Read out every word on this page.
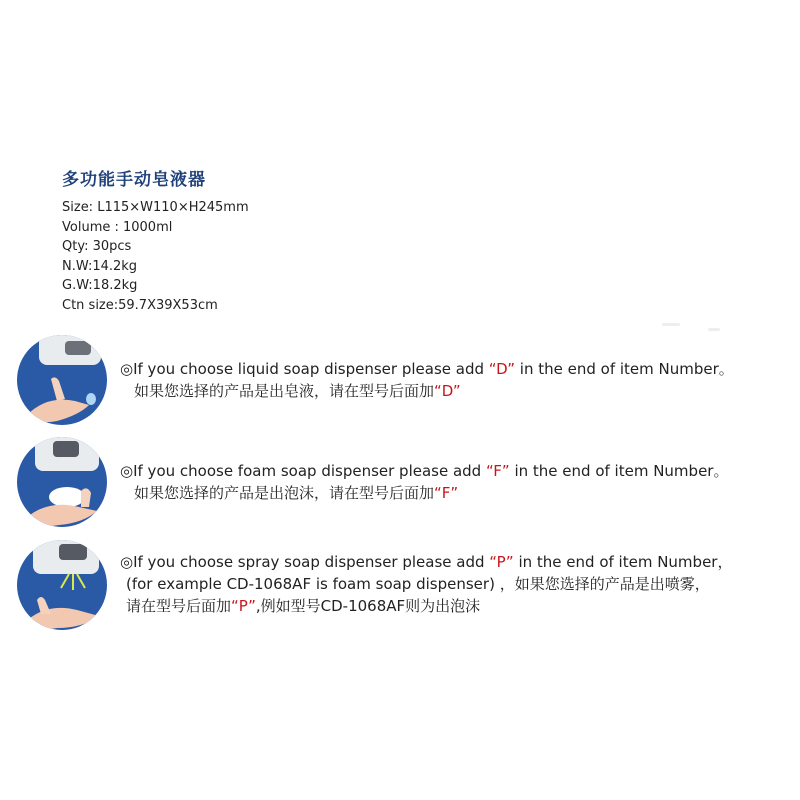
多功能手动皂液器
Size: L115×W110×H245mm
Volume : 1000ml
Qty: 30pcs
N.W:14.2kg
G.W:18.2kg
Ctn size:59.7X39X53cm
◎If you choose liquid soap dispenser please add “D” in the end of item Number。
如果您选择的产品是出皂液，请在型号后面加“D”
◎If you choose foam soap dispenser please add “F” in the end of item Number。
如果您选择的产品是出泡沫，请在型号后面加“F”
◎If you choose spray soap dispenser please add “P” in the end of item Number，
(for example CD-1068AF is foam soap dispenser) ，如果您选择的产品是出喷雾，
请在型号后面加“P”,例如型号CD-1068AF则为出泡沫
